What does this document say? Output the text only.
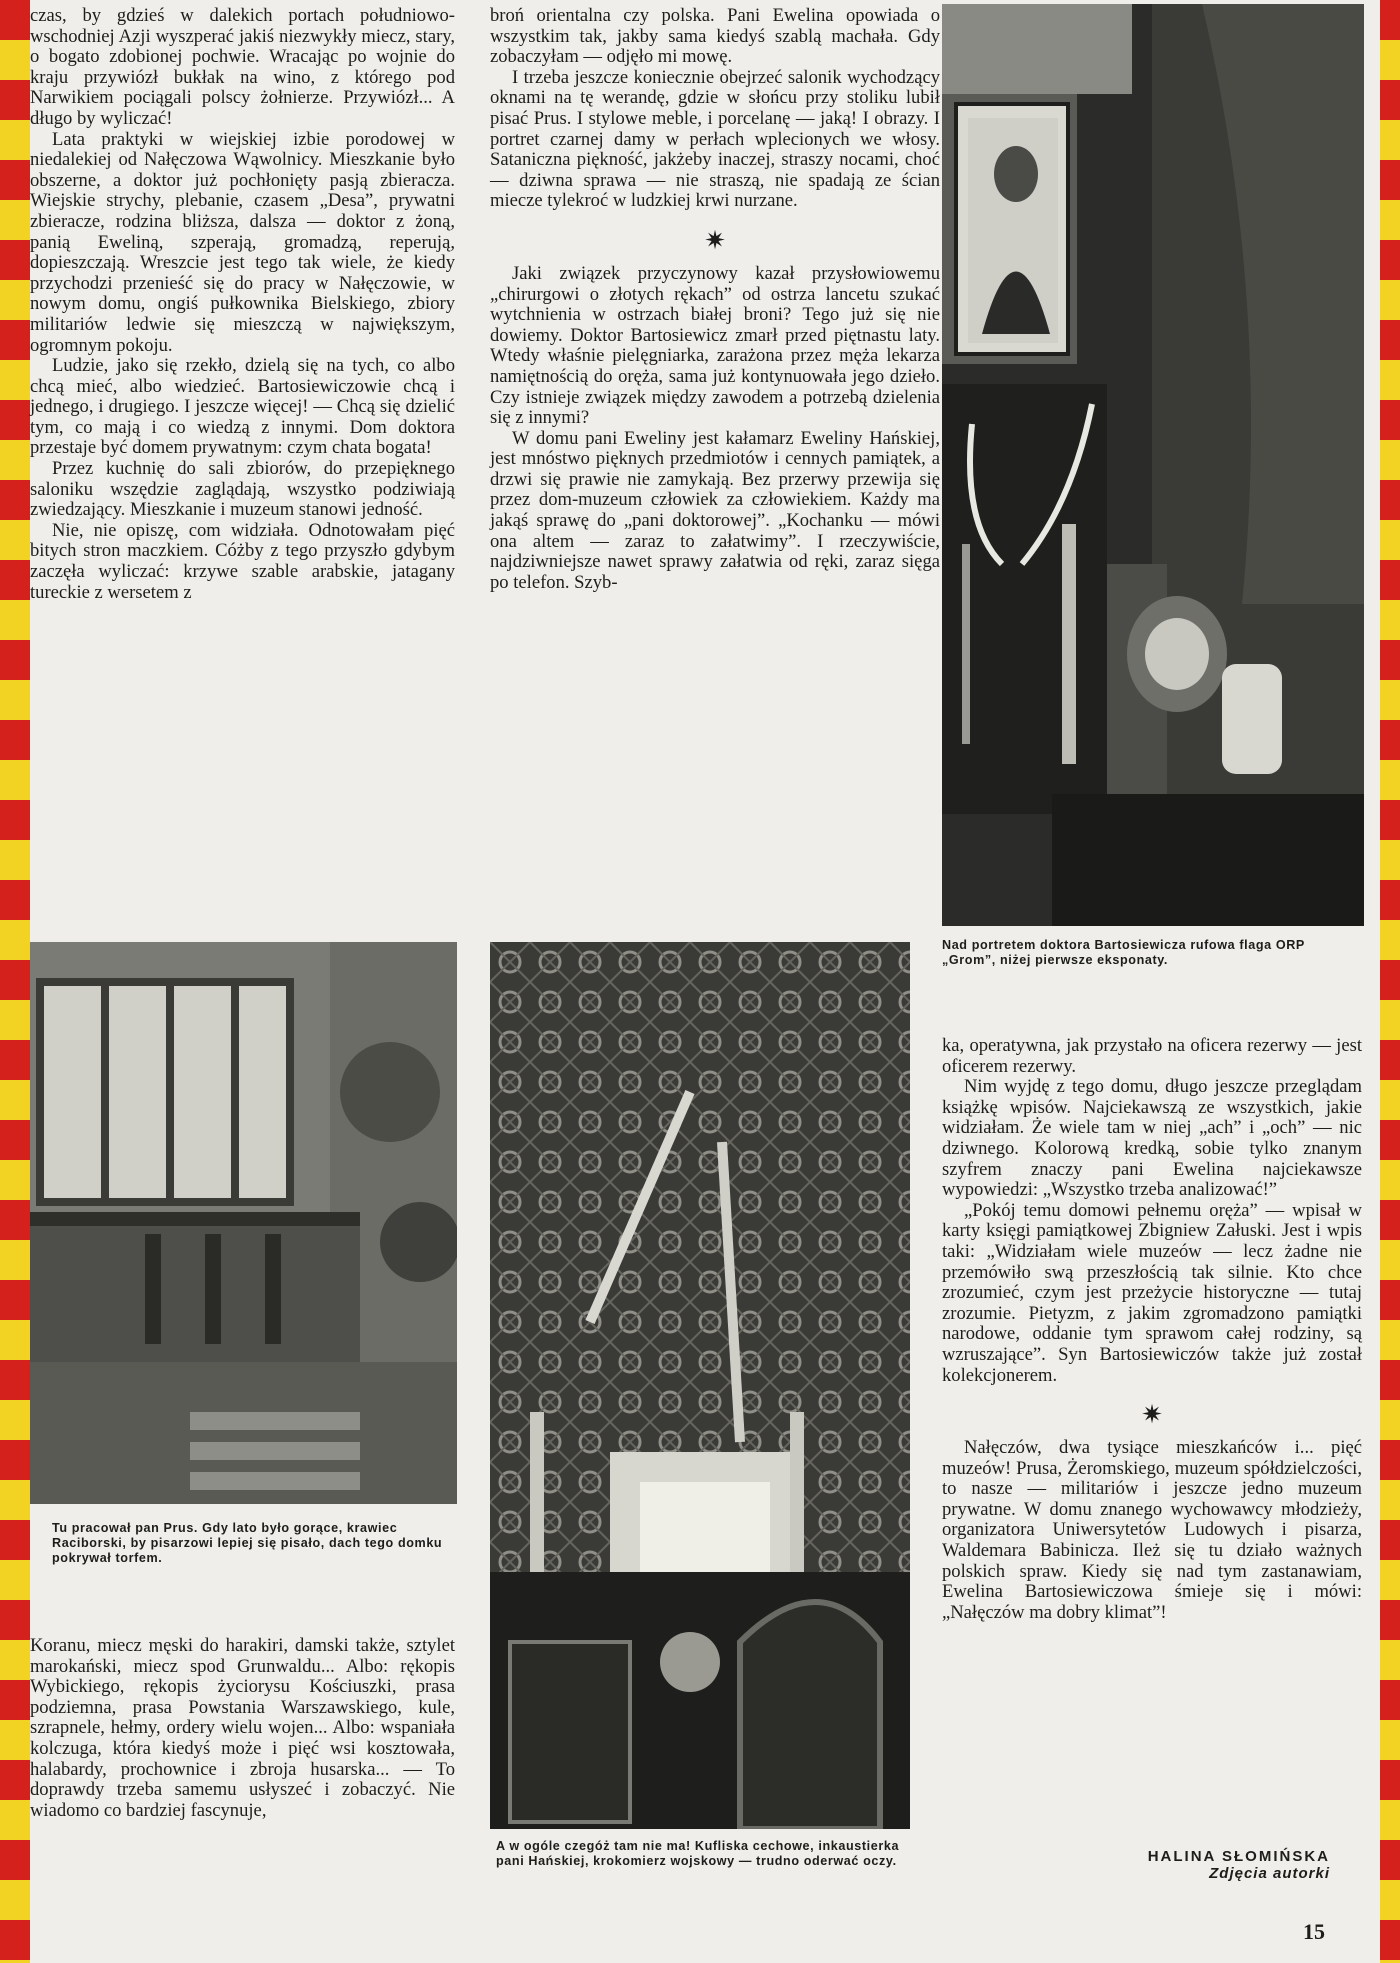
czas, by gdzieś w dalekich portach południowo-wschodniej Azji wyszperać jakiś niezwykły miecz, stary, o bogato zdobionej pochwie. Wracając po wojnie do kraju przywiózł bukłak na wino, z którego pod Narwikiem pociągali polscy żołnierze. Przywiózł... A długo by wyliczać!

Lata praktyki w wiejskiej izbie porodowej w niedalekiej od Nałęczowa Wąwolnicy. Mieszkanie było obszerne, a doktor już pochłonięty pasją zbieracza. Wiejskie strychy, plebanie, czasem „Desa”, prywatni zbieracze, rodzina bliższa, dalsza — doktor z żoną, panią Eweliną, szperają, gromadzą, reperują, dopieszczają. Wreszcie jest tego tak wiele, że kiedy przychodzi przenieść się do pracy w Nałęczowie, w nowym domu, ongiś pułkownika Bielskiego, zbiory militariów ledwie się mieszczą w największym, ogromnym pokoju.

Ludzie, jako się rzekło, dzielą się na tych, co albo chcą mieć, albo wiedzieć. Bartosiewiczowie chcą i jednego, i drugiego. I jeszcze więcej! — Chcą się dzielić tym, co mają i co wiedzą z innymi. Dom doktora przestaje być domem prywatnym: czym chata bogata!

Przez kuchnię do sali zbiorów, do przepięknego saloniku wszędzie zaglądają, wszystko podziwiają zwiedzający. Mieszkanie i muzeum stanowi jedność.

Nie, nie opiszę, com widziała. Odnotowałam pięć bitych stron maczkiem. Cóżby z tego przyszło gdybym zaczęła wyliczać: krzywe szable arabskie, jatagany tureckie z wersetem z

broń orientalna czy polska. Pani Ewelina opowiada o wszystkim tak, jakby sama kiedyś szablą machała. Gdy zobaczyłam — odjęło mi mowę.

I trzeba jeszcze koniecznie obejrzeć salonik wychodzący oknami na tę werandę, gdzie w słońcu przy stoliku lubił pisać Prus. I stylowe meble, i porcelanę — jaką! I obrazy. I portret czarnej damy w perłach wplecionych we włosy. Sataniczna piękność, jakżeby inaczej, straszy nocami, choć — dziwna sprawa — nie straszą, nie spadają ze ścian miecze tylekroć w ludzkiej krwi nurzane.

✷

Jaki związek przyczynowy kazał przysłowiowemu „chirurgowi o złotych rękach” od ostrza lancetu szukać wytchnienia w ostrzach białej broni? Tego już się nie dowiemy. Doktor Bartosiewicz zmarł przed piętnastu laty. Wtedy właśnie pielęgniarka, zarażona przez męża lekarza namiętnością do oręża, sama już kontynuowała jego dzieło. Czy istnieje związek między zawodem a potrzebą dzielenia się z innymi?

W domu pani Eweliny jest kałamarz Eweliny Hańskiej, jest mnóstwo pięknych przedmiotów i cennych pamiątek, a drzwi się prawie nie zamykają. Bez przerwy przewija się przez dom-muzeum człowiek za człowiekiem. Każdy ma jakąś sprawę do „pani doktorowej”. „Kochanku — mówi ona altem — zaraz to załatwimy”. I rzeczywiście, najdziwniejsze nawet sprawy załatwia od ręki, zaraz sięga po telefon. Szyb-

Nad portretem doktora Bartosiewicza rufowa flaga ORP „Grom”, niżej pierwsze eksponaty.

ka, operatywna, jak przystało na oficera rezerwy — jest oficerem rezerwy.

Nim wyjdę z tego domu, długo jeszcze przeglądam książkę wpisów. Najciekawszą ze wszystkich, jakie widziałam. Że wiele tam w niej „ach” i „och” — nic dziwnego. Kolorową kredką, sobie tylko znanym szyfrem znaczy pani Ewelina najciekawsze wypowiedzi: „Wszystko trzeba analizować!”

„Pokój temu domowi pełnemu oręża” — wpisał w karty księgi pamiątkowej Zbigniew Załuski. Jest i wpis taki: „Widziałam wiele muzeów — lecz żadne nie przemówiło swą przeszłością tak silnie. Kto chce zrozumieć, czym jest przeżycie historyczne — tutaj zrozumie. Pietyzm, z jakim zgromadzono pamiątki narodowe, oddanie tym sprawom całej rodziny, są wzruszające”. Syn Bartosiewiczów także już został kolekcjonerem.

✷

Nałęczów, dwa tysiące mieszkańców i... pięć muzeów! Prusa, Żeromskiego, muzeum spółdzielczości, to nasze — militariów i jeszcze jedno muzeum prywatne. W domu znanego wychowawcy młodzieży, organizatora Uniwersytetów Ludowych i pisarza, Waldemara Babinicza. Ileż się tu działo ważnych polskich spraw. Kiedy się nad tym zastanawiam, Ewelina Bartosiewiczowa śmieje się i mówi: „Nałęczów ma dobry klimat”!

Tu pracował pan Prus. Gdy lato było gorące, krawiec Raciborski, by pisarzowi lepiej się pisało, dach tego domku pokrywał torfem.

Koranu, miecz męski do harakiri, damski także, sztylet marokański, miecz spod Grunwaldu... Albo: rękopis Wybickiego, rękopis życiorysu Kościuszki, prasa podziemna, prasa Powstania Warszawskiego, kule, szrapnele, hełmy, ordery wielu wojen... Albo: wspaniała kolczuga, która kiedyś może i pięć wsi kosztowała, halabardy, prochownice i zbroja husarska... — To doprawdy trzeba samemu usłyszeć i zobaczyć. Nie wiadomo co bardziej fascynuje,

A w ogóle czegóż tam nie ma! Kufliska cechowe, inkaustierka pani Hańskiej, krokomierz wojskowy — trudno oderwać oczy.	HALINA SŁOMIŃSKA
Zdjęcia autorki
15
